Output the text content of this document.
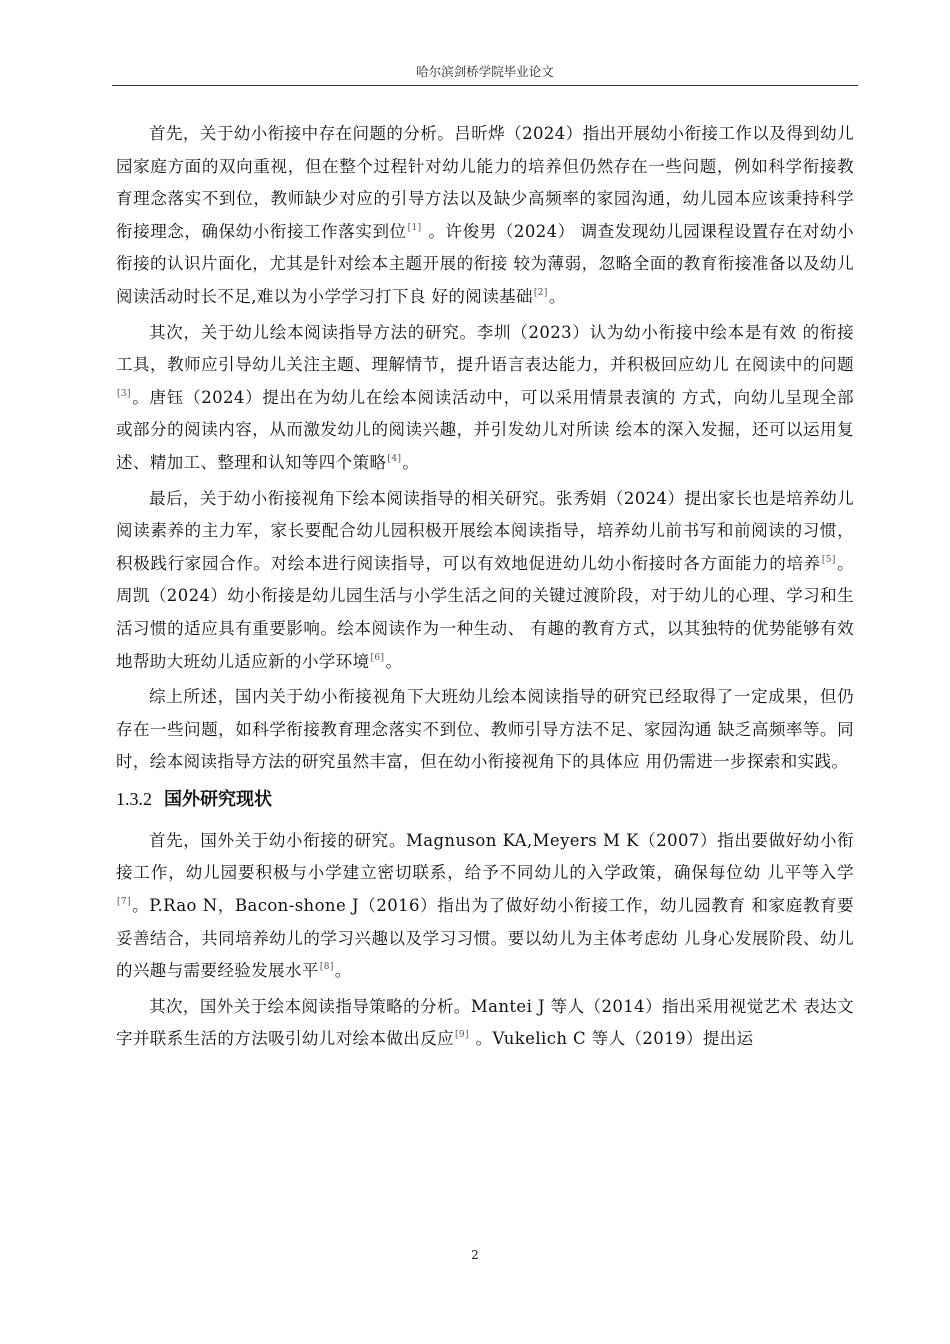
哈尔滨剑桥学院毕业论文

首先，关于幼小衔接中存在问题的分析。吕昕烨（2024）指出开展幼小衔接工作以及得到幼儿园家庭方面的双向重视，但在整个过程针对幼儿能力的培养但仍然存在一些问题，例如科学衔接教育理念落实不到位，教师缺少对应的引导方法以及缺少高频率的家园沟通，幼儿园本应该秉持科学衔接理念，确保幼小衔接工作落实到位[1] 。许俊男（2024） 调查发现幼儿园课程设置存在对幼小衔接的认识片面化，尤其是针对绘本主题开展的衔接 较为薄弱，忽略全面的教育衔接准备以及幼儿阅读活动时长不足,难以为小学学习打下良 好的阅读基础[2]。

其次，关于幼儿绘本阅读指导方法的研究。李圳（2023）认为幼小衔接中绘本是有效 的衔接工具，教师应引导幼儿关注主题、理解情节，提升语言表达能力，并积极回应幼儿 在阅读中的问题[3]。唐钰（2024）提出在为幼儿在绘本阅读活动中，可以采用情景表演的 方式，向幼儿呈现全部或部分的阅读内容，从而激发幼儿的阅读兴趣，并引发幼儿对所读 绘本的深入发掘，还可以运用复述、精加工、整理和认知等四个策略[4]。

最后，关于幼小衔接视角下绘本阅读指导的相关研究。张秀娟（2024）提出家长也是培养幼儿阅读素养的主力军，家长要配合幼儿园积极开展绘本阅读指导，培养幼儿前书写和前阅读的习惯，积极践行家园合作。对绘本进行阅读指导，可以有效地促进幼儿幼小衔接时各方面能力的培养[5]。周凯（2024）幼小衔接是幼儿园生活与小学生活之间的关键过渡阶段，对于幼儿的心理、学习和生活习惯的适应具有重要影响。绘本阅读作为一种生动、 有趣的教育方式，以其独特的优势能够有效地帮助大班幼儿适应新的小学环境[6]。

综上所述，国内关于幼小衔接视角下大班幼儿绘本阅读指导的研究已经取得了一定成果，但仍存在一些问题，如科学衔接教育理念落实不到位、教师引导方法不足、家园沟通 缺乏高频率等。同时，绘本阅读指导方法的研究虽然丰富，但在幼小衔接视角下的具体应 用仍需进一步探索和实践。

1.3.2 国外研究现状

首先，国外关于幼小衔接的研究。Magnuson KA,Meyers M K（2007）指出要做好幼小衔接工作，幼儿园要积极与小学建立密切联系，给予不同幼儿的入学政策，确保每位幼 儿平等入学[7]。P.Rao N，Bacon-shone J（2016）指出为了做好幼小衔接工作，幼儿园教育 和家庭教育要妥善结合，共同培养幼儿的学习兴趣以及学习习惯。要以幼儿为主体考虑幼 儿身心发展阶段、幼儿的兴趣与需要经验发展水平[8]。

其次，国外关于绘本阅读指导策略的分析。Mantei J 等人（2014）指出采用视觉艺术 表达文字并联系生活的方法吸引幼儿对绘本做出反应[9] 。Vukelich C 等人（2019）提出运

2
